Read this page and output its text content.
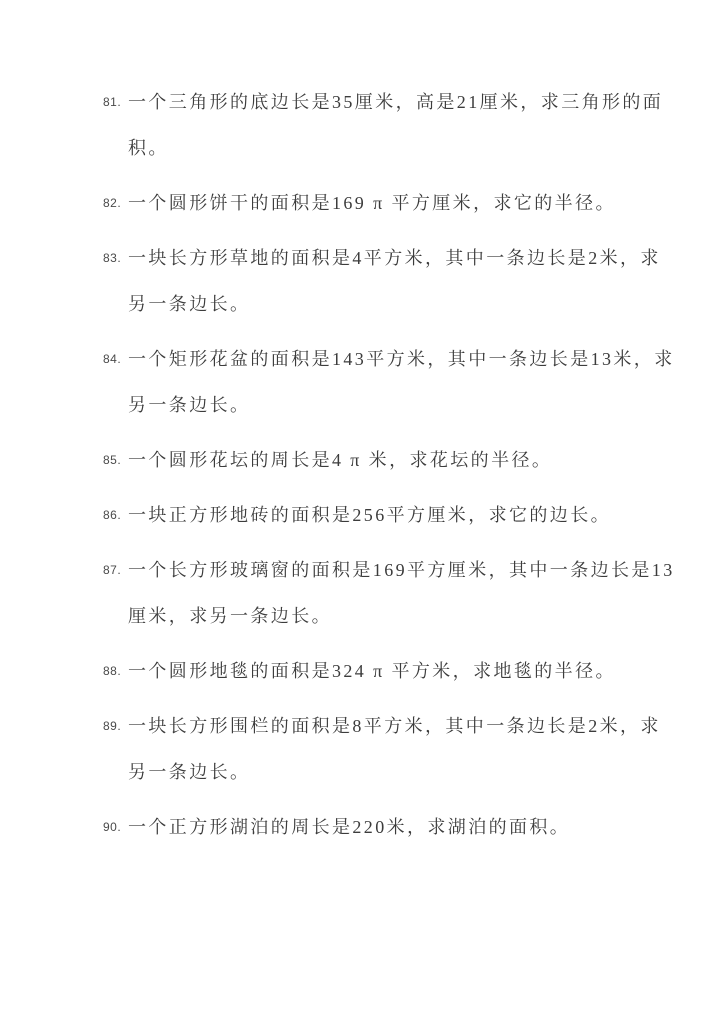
81. 一个三角形的底边长是35厘米，高是21厘米，求三角形的面
积。
82. 一个圆形饼干的面积是169 π 平方厘米，求它的半径。
83. 一块长方形草地的面积是4平方米，其中一条边长是2米，求
另一条边长。
84. 一个矩形花盆的面积是143平方米，其中一条边长是13米，求
另一条边长。
85. 一个圆形花坛的周长是4 π 米，求花坛的半径。
86. 一块正方形地砖的面积是256平方厘米，求它的边长。
87. 一个长方形玻璃窗的面积是169平方厘米，其中一条边长是13
厘米，求另一条边长。
88. 一个圆形地毯的面积是324 π 平方米，求地毯的半径。
89. 一块长方形围栏的面积是8平方米，其中一条边长是2米，求
另一条边长。
90. 一个正方形湖泊的周长是220米，求湖泊的面积。
